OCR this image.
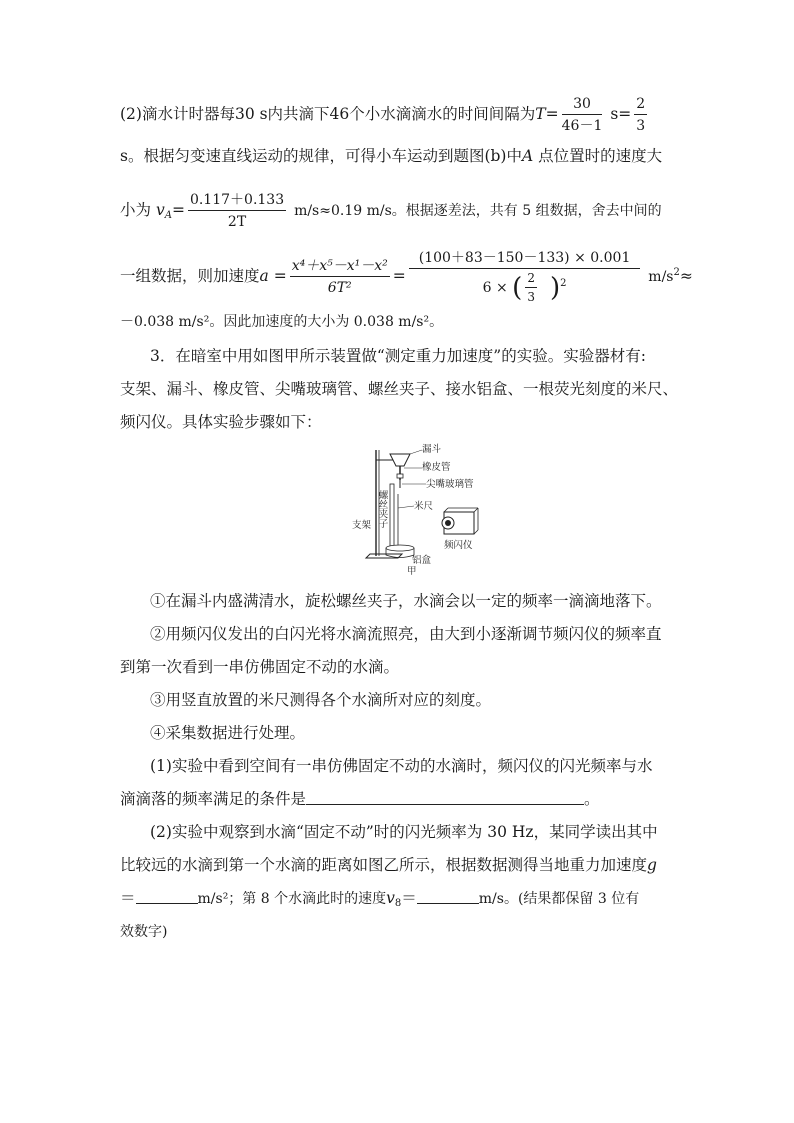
(2)滴水计时器每30 s内共滴下46个小水滴滴水的时间间隔为$T= \frac{30}{46-1} s= \frac{2}{3}$
s。根据匀变速直线运动的规律，可得小车运动到题图(b)中A 点位置时的速度大
小为 $v_A= \frac{0.117+0.133}{2T} m/s\approx 0.19$ m/s。根据逐差法，共有 5 组数据，舍去中间的
一组数据，则加速度$a = \frac{\text{x⁴＋x⁵－x¹－x²}}{\text{6T²}} = \frac{(100+83-150-133) \times 0.001}{6 \times ( \frac{2}{3} )^2} m/s^2\approx$
－0.038 m/s²。因此加速度的大小为 0.038 m/s²。
3．在暗室中用如图甲所示装置做“测定重力加速度”的实验。实验器材有:
支架、漏斗、橡皮管、尖嘴玻璃管、螺丝夹子、接水铝盒、一根荧光刻度的米尺、
频闪仪。具体实验步骤如下：
漏斗
橡皮管
尖嘴玻璃管
米尺
支架
频闪仪
铝盒
甲
螺丝夹子
①在漏斗内盛满清水，旋松螺丝夹子，水滴会以一定的频率一滴滴地落下。
②用频闪仪发出的白闪光将水滴流照亮，由大到小逐渐调节频闪仪的频率直
到第一次看到一串仿佛固定不动的水滴。
③用竖直放置的米尺测得各个水滴所对应的刻度。
④采集数据进行处理。
(1)实验中看到空间有一串仿佛固定不动的水滴时，频闪仪的闪光频率与水
滴滴落的频率满足的条件是	。
(2)实验中观察到水滴“固定不动”时的闪光频率为 30 Hz，某同学读出其中
比较远的水滴到第一个水滴的距离如图乙所示，根据数据测得当地重力加速度g
＝	m/s²；第 8 个水滴此时的速度$v_8=$	m/s。(结果都保留 3 位有
效数字)
